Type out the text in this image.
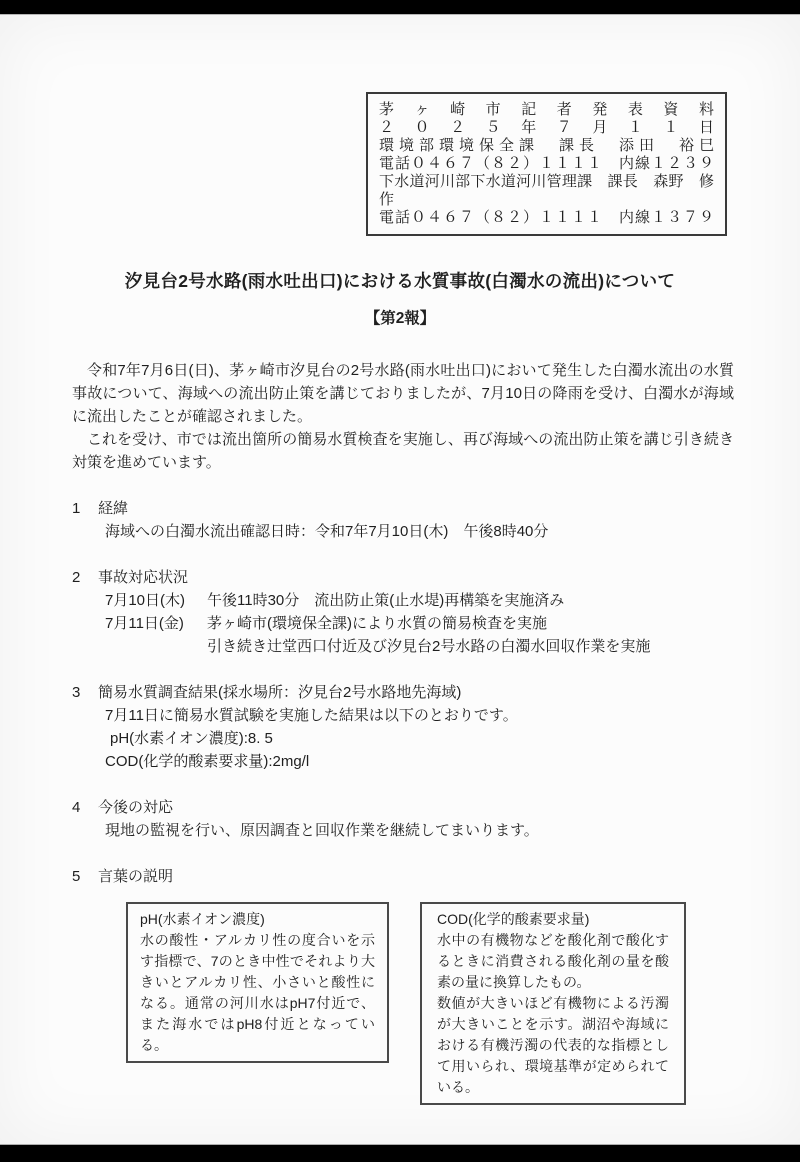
茅ヶ崎市記者発表資料
２０２５年７月１１日
環境部環境保全課　課長　添田　裕巳
電話０４６７（８２）１１１１　内線１２３９
下水道河川部下水道河川管理課　課長　森野　修作
電話０４６７（８２）１１１１　内線１３７９
汐見台2号水路(雨水吐出口)における水質事故(白濁水の流出)について
【第2報】

令和7年7月6日(日)、茅ヶ崎市汐見台の2号水路(雨水吐出口)において発生した白濁水流出の水質事故について、海域への流出防止策を講じておりましたが、7月10日の降雨を受け、白濁水が海域に流出したことが確認されました。

これを受け、市では流出箇所の簡易水質検査を実施し、再び海域への流出防止策を講じ引き続き対策を進めています。

1 経緯
海域への白濁水流出確認日時：令和7年7月10日(木)　午後8時40分
2 事故対応状況
7月10日(木)	午後11時30分　流出防止策(止水堤)再構築を実施済み
7月11日(金)	茅ヶ崎市(環境保全課)により水質の簡易検査を実施
引き続き辻堂西口付近及び汐見台2号水路の白濁水回収作業を実施
3 簡易水質調査結果(採水場所：汐見台2号水路地先海域)
7月11日に簡易水質試験を実施した結果は以下のとおりです。
pH(水素イオン濃度):8. 5
COD(化学的酸素要求量):2mg/l
4 今後の対応
現地の監視を行い、原因調査と回収作業を継続してまいります。
5 言葉の説明
pH(水素イオン濃度)
水の酸性・アルカリ性の度合いを示す指標で、7のとき中性でそれより大きいとアルカリ性、小さいと酸性になる。通常の河川水はpH7付近で、また海水ではpH8付近となっている。
COD(化学的酸素要求量)
水中の有機物などを酸化剤で酸化するときに消費される酸化剤の量を酸素の量に換算したもの。
数値が大きいほど有機物による汚濁が大きいことを示す。湖沼や海域における有機汚濁の代表的な指標として用いられ、環境基準が定められている。
